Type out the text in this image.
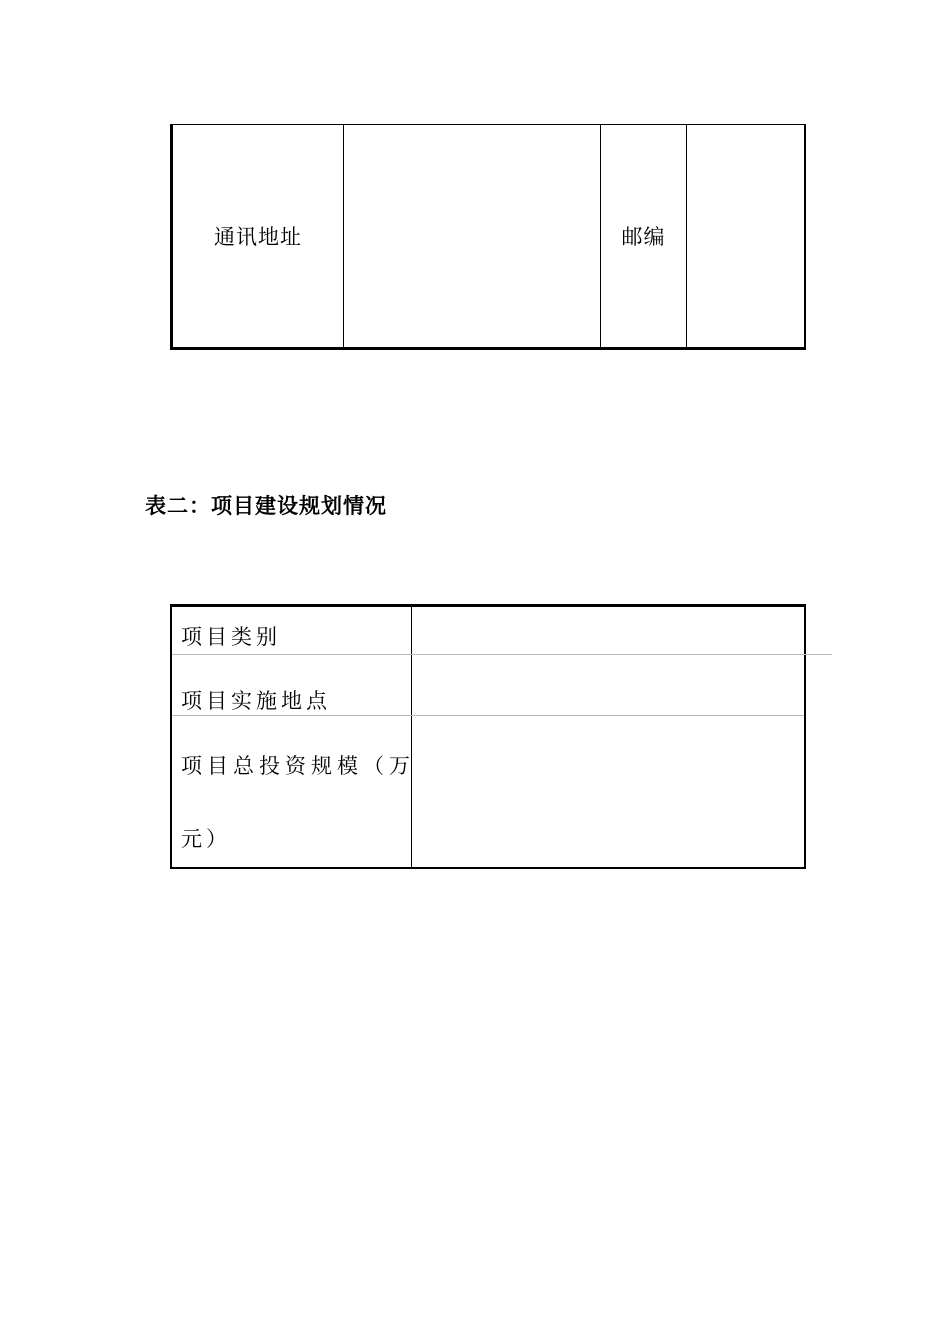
通讯地址	邮编
表二：项目建设规划情况
项目类别
项目实施地点
项目总投资规模（万
元）
